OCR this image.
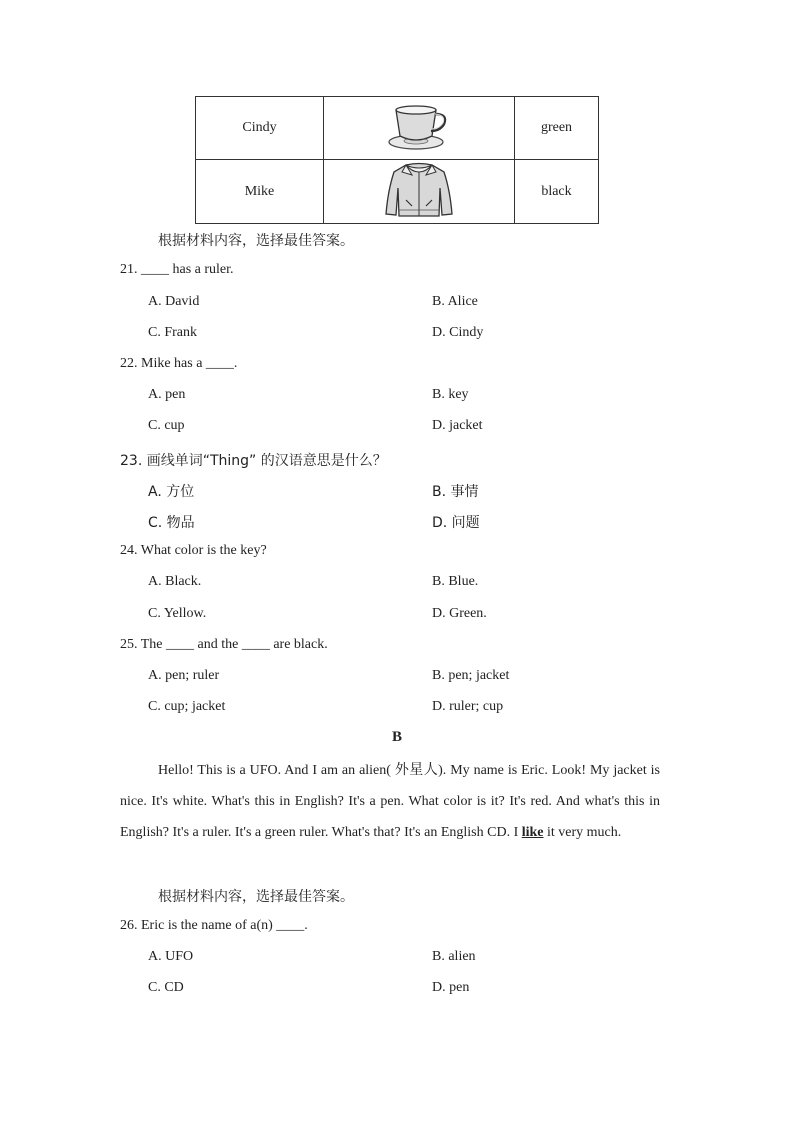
Cindy		green
Mike		black
根据材料内容，选择最佳答案。
21. ____ has a ruler.
A. David	B. Alice
C. Frank	D. Cindy
22. Mike has a ____.
A. pen	B. key
C. cup	D. jacket
23. 画线单词“Thing” 的汉语意思是什么？
A. 方位	B. 事情
C. 物品	D. 问题
24. What color is the key?
A. Black.	B. Blue.
C. Yellow.	D. Green.
25. The ____ and the ____ are black.
A. pen; ruler	B. pen; jacket
C. cup; jacket	D. ruler; cup
B
Hello! This is a UFO. And I am an alien( 外星人). My name is Eric. Look! My jacket is nice. It's white. What's this in English? It's a pen. What color is it? It's red. And what's this in English? It's a ruler. It's a green ruler. What's that? It's an English CD. I like it very much.
根据材料内容，选择最佳答案。
26. Eric is the name of a(n) ____.
A. UFO	B. alien
C. CD	D. pen
